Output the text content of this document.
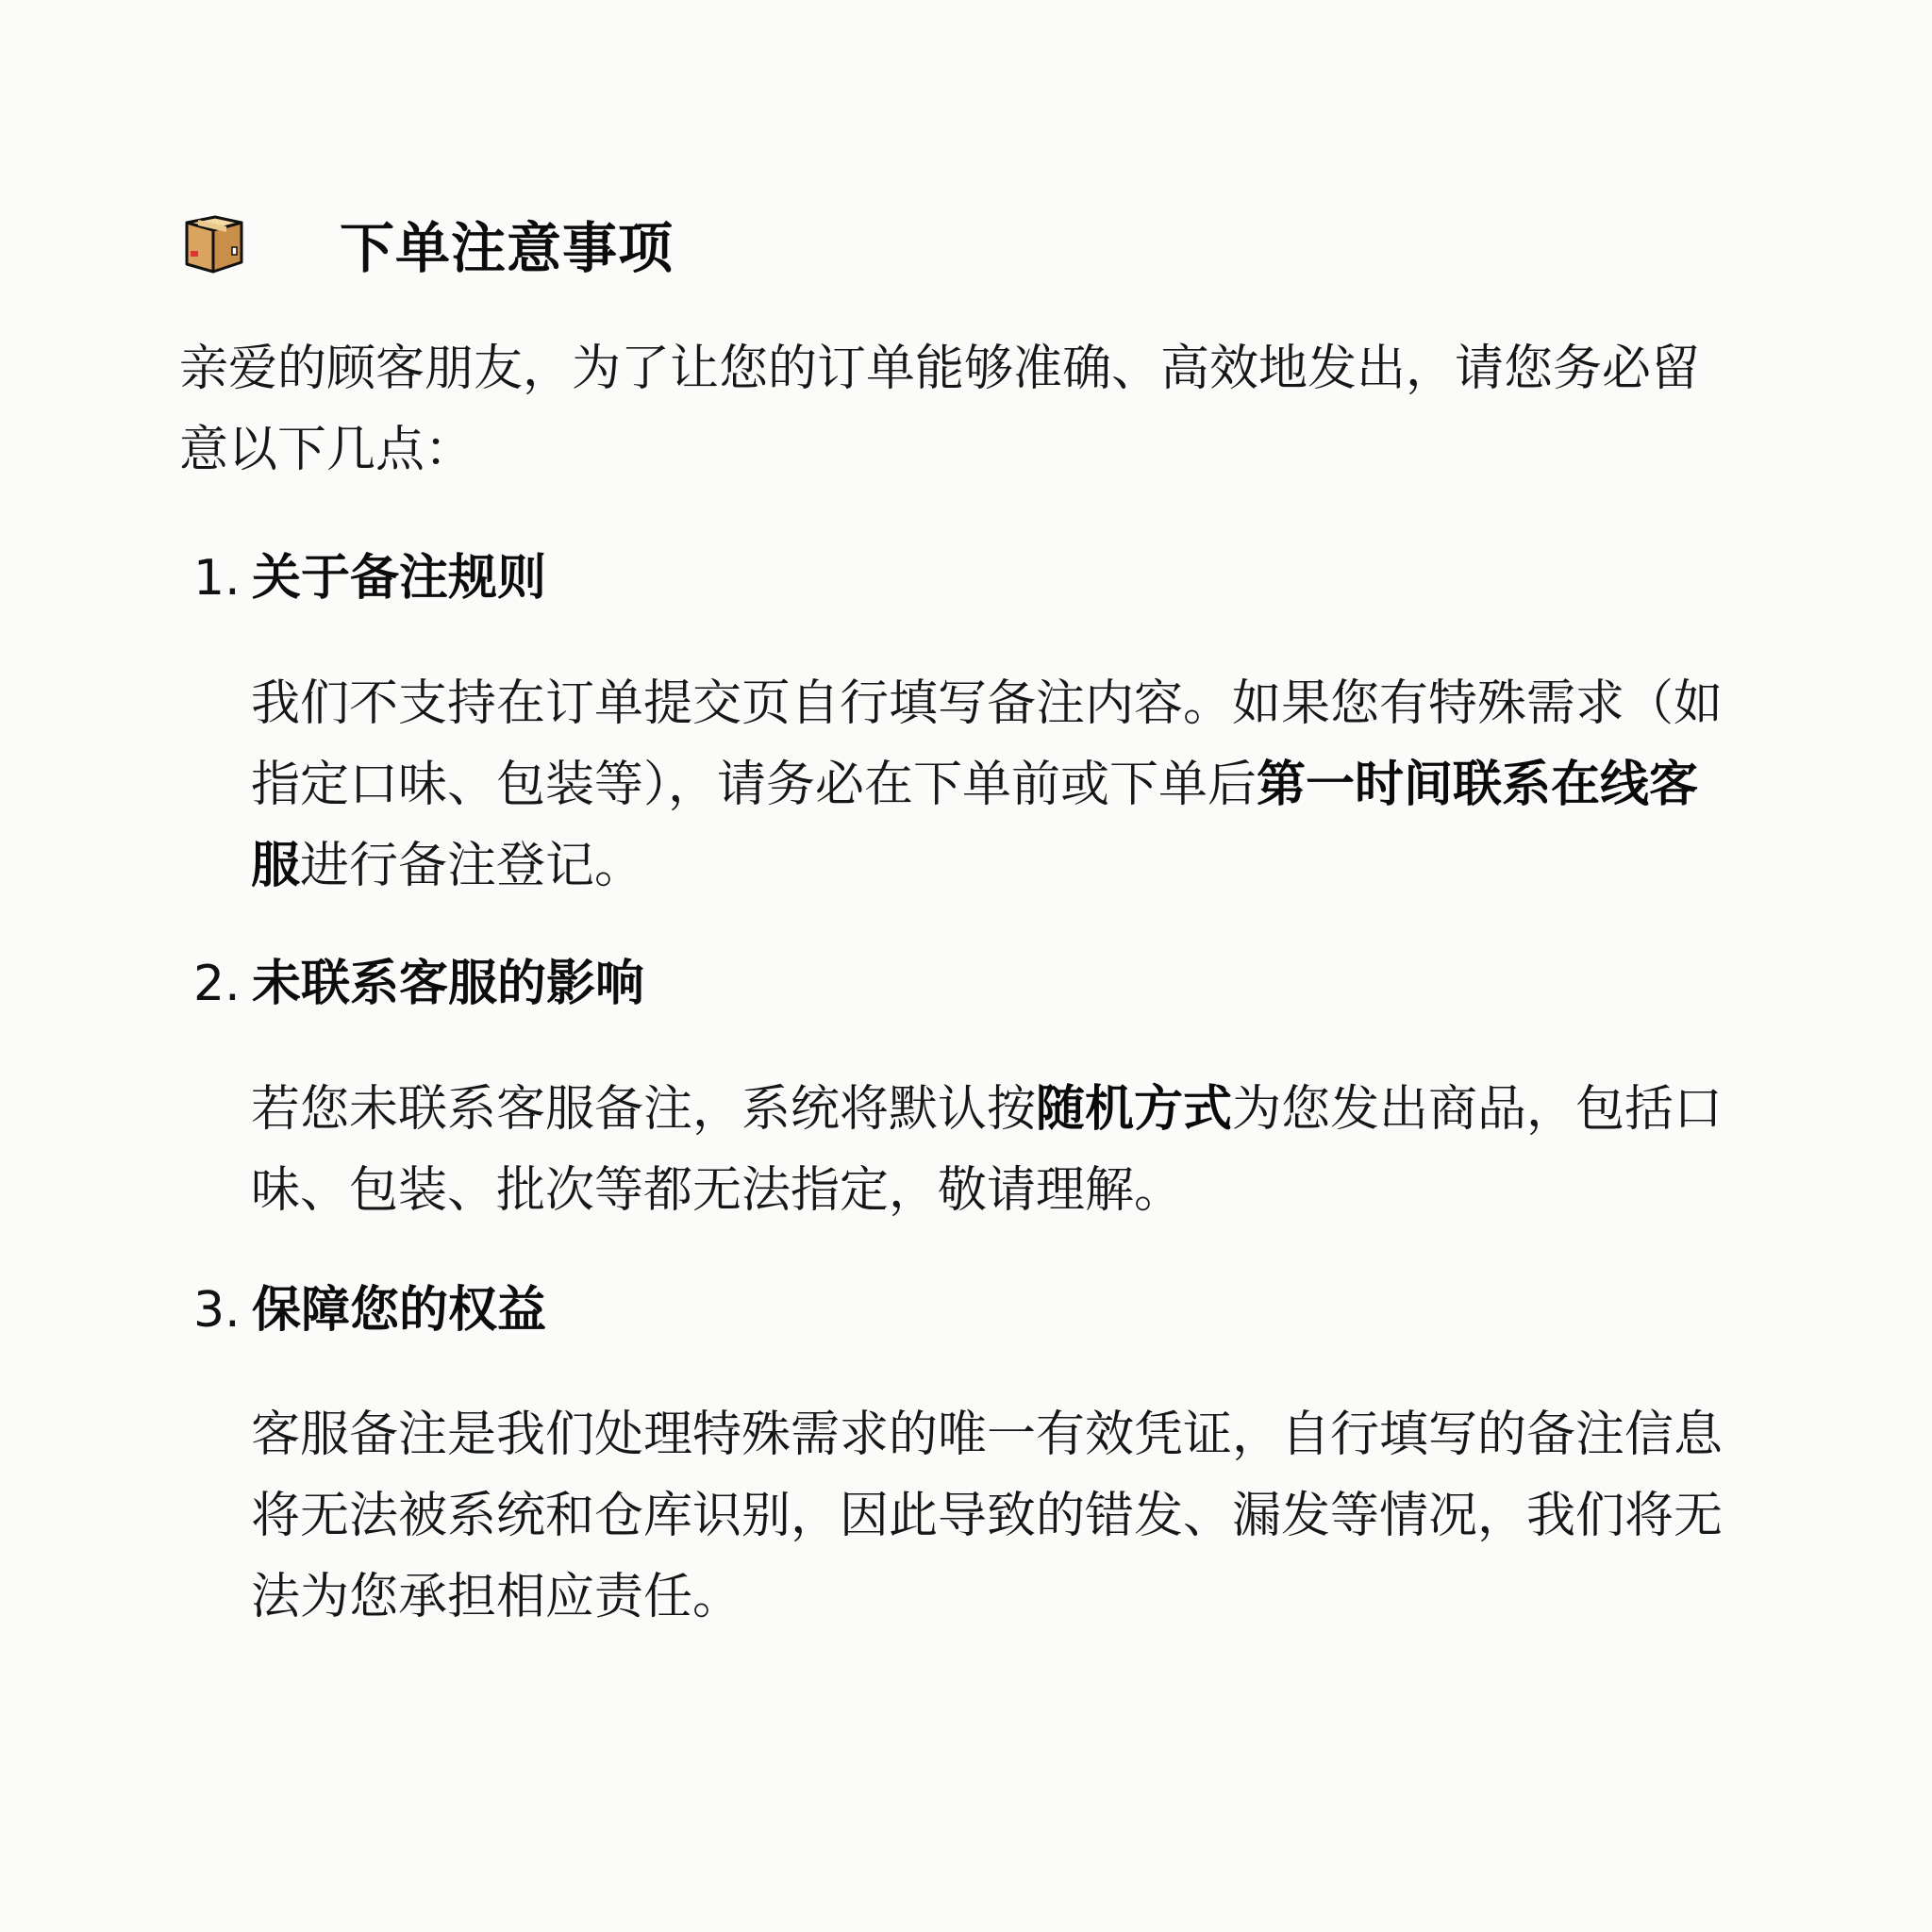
下单注意事项
亲爱的顾客朋友，为了让您的订单能够准确、高效地发出，请您务必留意以下几点：
1. 关于备注规则
我们不支持在订单提交页自行填写备注内容。如果您有特殊需求（如指定口味、包装等），请务必在下单前或下单后第一时间联系在线客服进行备注登记。
2. 未联系客服的影响
若您未联系客服备注，系统将默认按随机方式为您发出商品，包括口味、包装、批次等都无法指定，敬请理解。
3. 保障您的权益
客服备注是我们处理特殊需求的唯一有效凭证，自行填写的备注信息将无法被系统和仓库识别，因此导致的错发、漏发等情况，我们将无法为您承担相应责任。
